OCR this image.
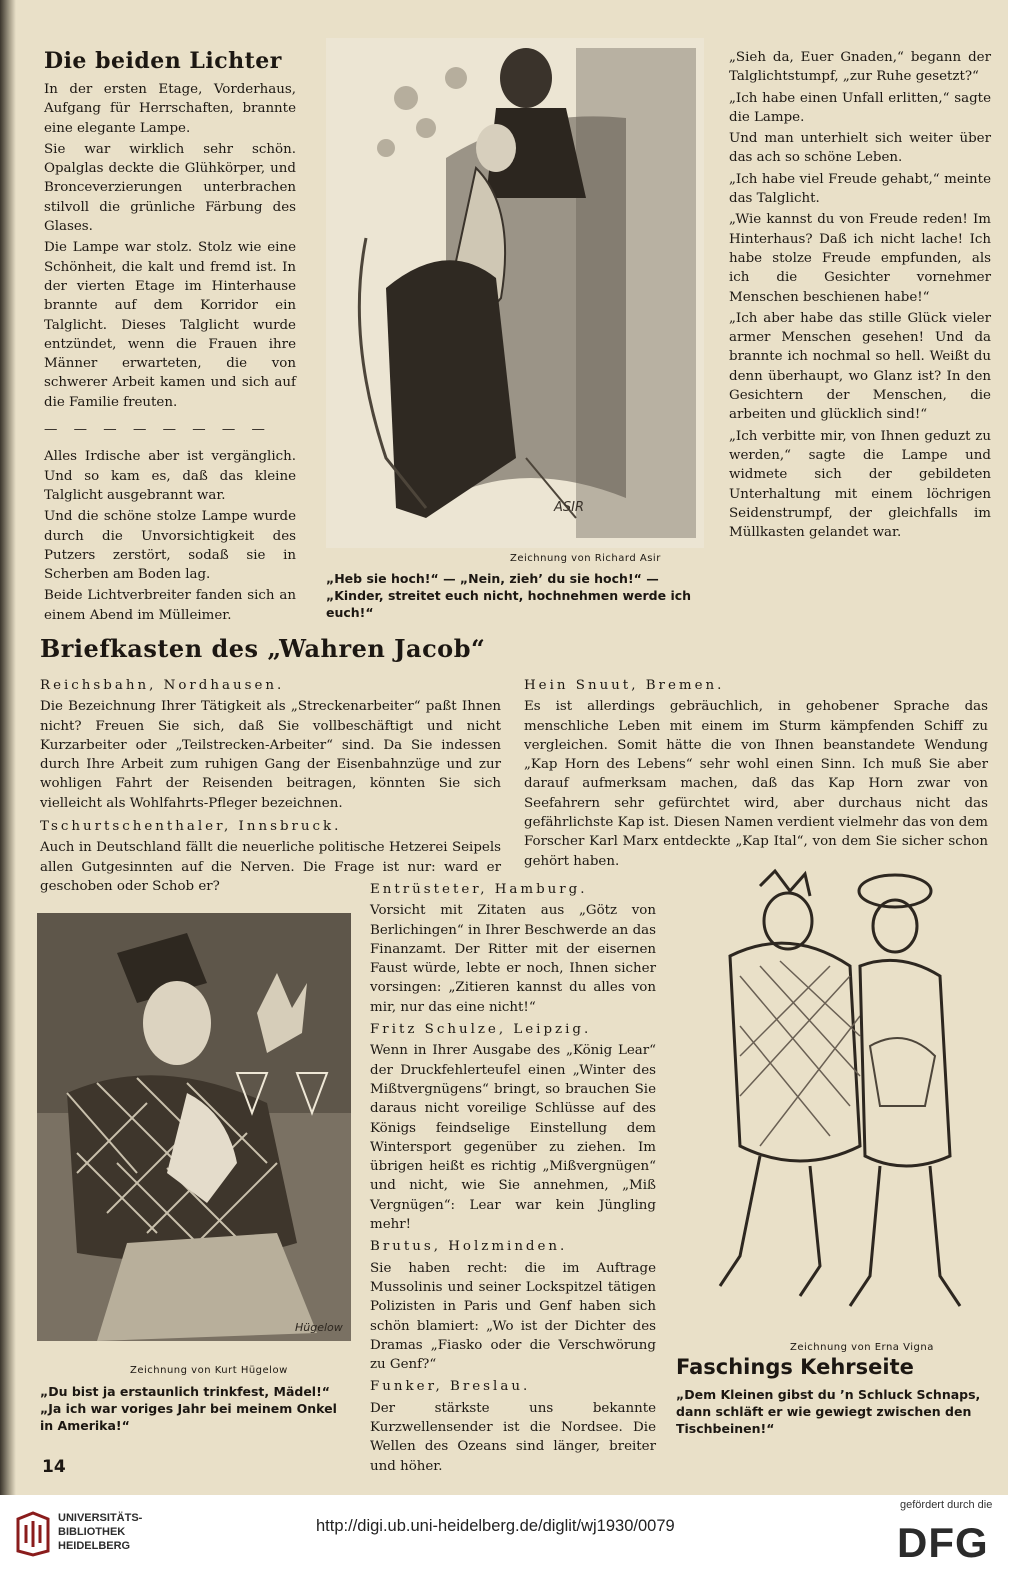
Die beiden Lichter

In der ersten Etage, Vorderhaus, Aufgang für Herrschaften, brannte eine elegante Lampe.

Sie war wirklich sehr schön. Opalglas deckte die Glühkörper, und Bronceverzierungen unterbrachen stilvoll die grünliche Färbung des Glases.

Die Lampe war stolz. Stolz wie eine Schönheit, die kalt und fremd ist. In der vierten Etage im Hinterhause brannte auf dem Korridor ein Talglicht. Dieses Talglicht wurde entzündet, wenn die Frauen ihre Männer erwarteten, die von schwerer Arbeit kamen und sich auf die Familie freuten.

— — — — — — — —

Alles Irdische aber ist vergänglich. Und so kam es, daß das kleine Talglicht ausgebrannt war.

Und die schöne stolze Lampe wurde durch die Unvorsichtigkeit des Putzers zerstört, sodaß sie in Scherben am Boden lag.

Beide Lichtverbreiter fanden sich an einem Abend im Mülleimer.

ASIR
Zeichnung von Richard Asir
„Heb sie hoch!“ — „Nein, zieh’ du sie hoch!“ — „Kinder, streitet euch nicht, hochnehmen werde ich euch!“

„Sieh da, Euer Gnaden,“ begann der Talglichtstumpf, „zur Ruhe gesetzt?“

„Ich habe einen Unfall erlitten,“ sagte die Lampe.

Und man unterhielt sich weiter über das ach so schöne Leben.

„Ich habe viel Freude gehabt,“ meinte das Talglicht.

„Wie kannst du von Freude reden! Im Hinterhaus? Daß ich nicht lache! Ich habe stolze Freude empfunden, als ich die Gesichter vornehmer Menschen beschienen habe!“

„Ich aber habe das stille Glück vieler armer Menschen gesehen! Und da brannte ich nochmal so hell. Weißt du denn überhaupt, wo Glanz ist? In den Gesichtern der Menschen, die arbeiten und glücklich sind!“

„Ich verbitte mir, von Ihnen geduzt zu werden,“ sagte die Lampe und widmete sich der gebildeten Unterhaltung mit einem löchrigen Seidenstrumpf, der gleichfalls im Müllkasten gelandet war.

Briefkasten des „Wahren Jacob“

Reichsbahn, Nordhausen.

Die Bezeichnung Ihrer Tätigkeit als „Streckenarbeiter“ paßt Ihnen nicht? Freuen Sie sich, daß Sie vollbeschäftigt und nicht Kurzarbeiter oder „Teilstrecken-Arbeiter“ sind. Da Sie indessen durch Ihre Arbeit zum ruhigen Gang der Eisenbahnzüge und zur wohligen Fahrt der Reisenden beitragen, könnten Sie sich vielleicht als Wohlfahrts-Pfleger bezeichnen.

Tschurtschenthaler, Innsbruck.

Auch in Deutschland fällt die neuerliche politische Hetzerei Seipels allen Gutgesinnten auf die Nerven. Die Frage ist nur: ward er geschoben oder Schob er?

Hein Snuut, Bremen.

Es ist allerdings gebräuchlich, in gehobener Sprache das menschliche Leben mit einem im Sturm kämpfenden Schiff zu vergleichen. Somit hätte die von Ihnen beanstandete Wendung „Kap Horn des Lebens“ sehr wohl einen Sinn. Ich muß Sie aber darauf aufmerksam machen, daß das Kap Horn zwar von Seefahrern sehr gefürchtet wird, aber durchaus nicht das gefährlichste Kap ist. Diesen Namen verdient vielmehr das von dem Forscher Karl Marx entdeckte „Kap Ital“, von dem Sie sicher schon gehört haben.

Hügelow
Zeichnung von Kurt Hügelow
„Du bist ja erstaunlich trinkfest, Mädel!“ „Ja ich war voriges Jahr bei meinem Onkel in Amerika!“

Entrüsteter, Hamburg.

Vorsicht mit Zitaten aus „Götz von Berlichingen“ in Ihrer Beschwerde an das Finanzamt. Der Ritter mit der eisernen Faust würde, lebte er noch, Ihnen sicher vorsingen: „Zitieren kannst du alles von mir, nur das eine nicht!“

Fritz Schulze, Leipzig.

Wenn in Ihrer Ausgabe des „König Lear“ der Druckfehlerteufel einen „Winter des Mißtvergnügens“ bringt, so brauchen Sie daraus nicht voreilige Schlüsse auf des Königs feindselige Einstellung dem Wintersport gegenüber zu ziehen. Im übrigen heißt es richtig „Mißvergnügen“ und nicht, wie Sie annehmen, „Miß Vergnügen“: Lear war kein Jüngling mehr!

Brutus, Holzminden.

Sie haben recht: die im Auftrage Mussolinis und seiner Lockspitzel tätigen Polizisten in Paris und Genf haben sich schön blamiert: „Wo ist der Dichter des Dramas „Fiasko oder die Verschwörung zu Genf?“

Funker, Breslau.

Der stärkste uns bekannte Kurzwellensender ist die Nordsee. Die Wellen des Ozeans sind länger, breiter und höher.

Zeichnung von Erna Vigna
Faschings Kehrseite
„Dem Kleinen gibst du ’n Schluck Schnaps, dann schläft er wie gewiegt zwischen den Tischbeinen!“
14
UNIVERSITÄTS-
BIBLIOTHEK
HEIDELBERG
http://digi.ub.uni-heidelberg.de/diglit/wj1930/0079
gefördert durch die
DFG
